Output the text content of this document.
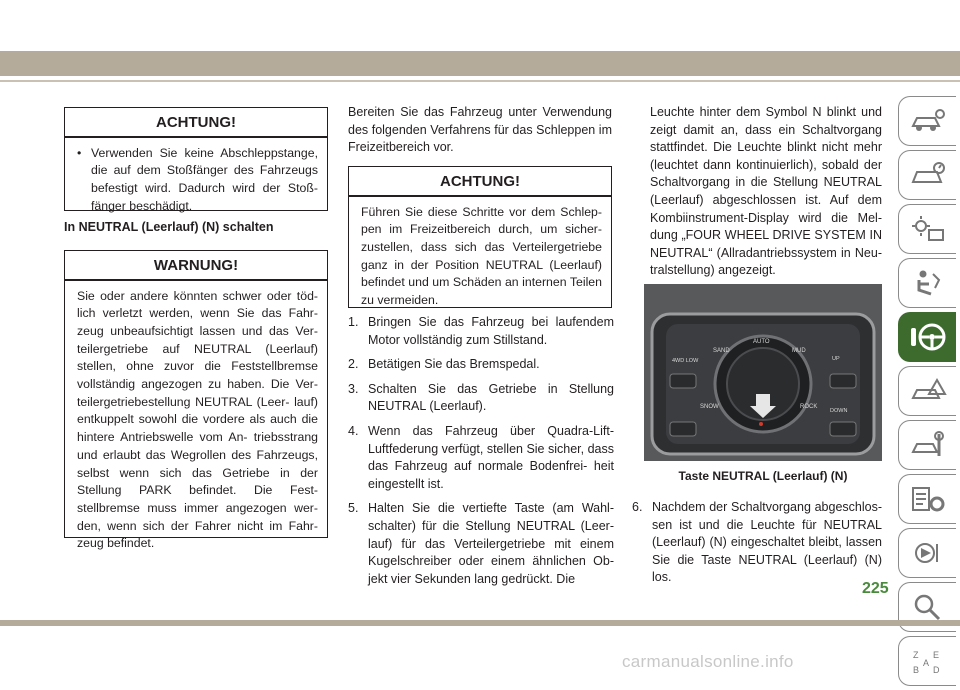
ACHTUNG!
• Verwenden Sie keine Abschleppstange, die auf dem Stoßfänger des Fahrzeugs befestigt wird. Dadurch wird der Stoß- fänger beschädigt.
In NEUTRAL (Leerlauf) (N) schalten
WARNUNG!
Sie oder andere könnten schwer oder töd- lich verletzt werden, wenn Sie das Fahr- zeug unbeaufsichtigt lassen und das Ver- teilergetriebe auf NEUTRAL (Leerlauf) stellen, ohne zuvor die Feststellbremse vollständig angezogen zu haben. Die Ver- teilergetriebestellung NEUTRAL (Leer- lauf) entkuppelt sowohl die vordere als auch die hintere Antriebswelle vom An- triebsstrang und erlaubt das Wegrollen des Fahrzeugs, selbst wenn sich das Getriebe in der Stellung PARK befindet. Die Fest- stellbremse muss immer angezogen wer- den, wenn sich der Fahrer nicht im Fahr- zeug befindet.
Bereiten Sie das Fahrzeug unter Verwendung des folgenden Verfahrens für das Schleppen im Freizeitbereich vor.
ACHTUNG!
Führen Sie diese Schritte vor dem Schlep- pen im Freizeitbereich durch, um sicher- zustellen, dass sich das Verteilergetriebe ganz in der Position NEUTRAL (Leerlauf) befindet und um Schäden an internen Teilen zu vermeiden.
1. Bringen Sie das Fahrzeug bei laufendem Motor vollständig zum Stillstand.
2. Betätigen Sie das Bremspedal.
3. Schalten Sie das Getriebe in Stellung NEUTRAL (Leerlauf).
4. Wenn das Fahrzeug über Quadra-Lift- Luftfederung verfügt, stellen Sie sicher, dass das Fahrzeug auf normale Bodenfrei- heit eingestellt ist.
5. Halten Sie die vertiefte Taste (am Wahl- schalter) für die Stellung NEUTRAL (Leer- lauf) für das Verteilergetriebe mit einem Kugelschreiber oder einem ähnlichen Ob- jekt vier Sekunden lang gedrückt. Die
Leuchte hinter dem Symbol N blinkt und zeigt damit an, dass ein Schaltvorgang stattfindet. Die Leuchte blinkt nicht mehr (leuchtet dann kontinuierlich), sobald der Schaltvorgang in die Stellung NEUTRAL (Leerlauf) abgeschlossen ist. Auf dem Kombiinstrument-Display wird die Mel- dung „FOUR WHEEL DRIVE SYSTEM IN NEUTRAL“ (Allradantriebssystem in Neu- tralstellung) angezeigt.
AUTO
SAND	MUD
SNOW	ROCK
4WD LOW	UP
DOWN
Taste NEUTRAL (Leerlauf) (N)
6. Nachdem der Schaltvorgang abgeschlos- sen ist und die Leuchte für NEUTRAL (Leerlauf) (N) eingeschaltet bleibt, lassen Sie die Taste NEUTRAL (Leerlauf) (N) los.
Z E
B D
A
225
carmanualsonline.info
